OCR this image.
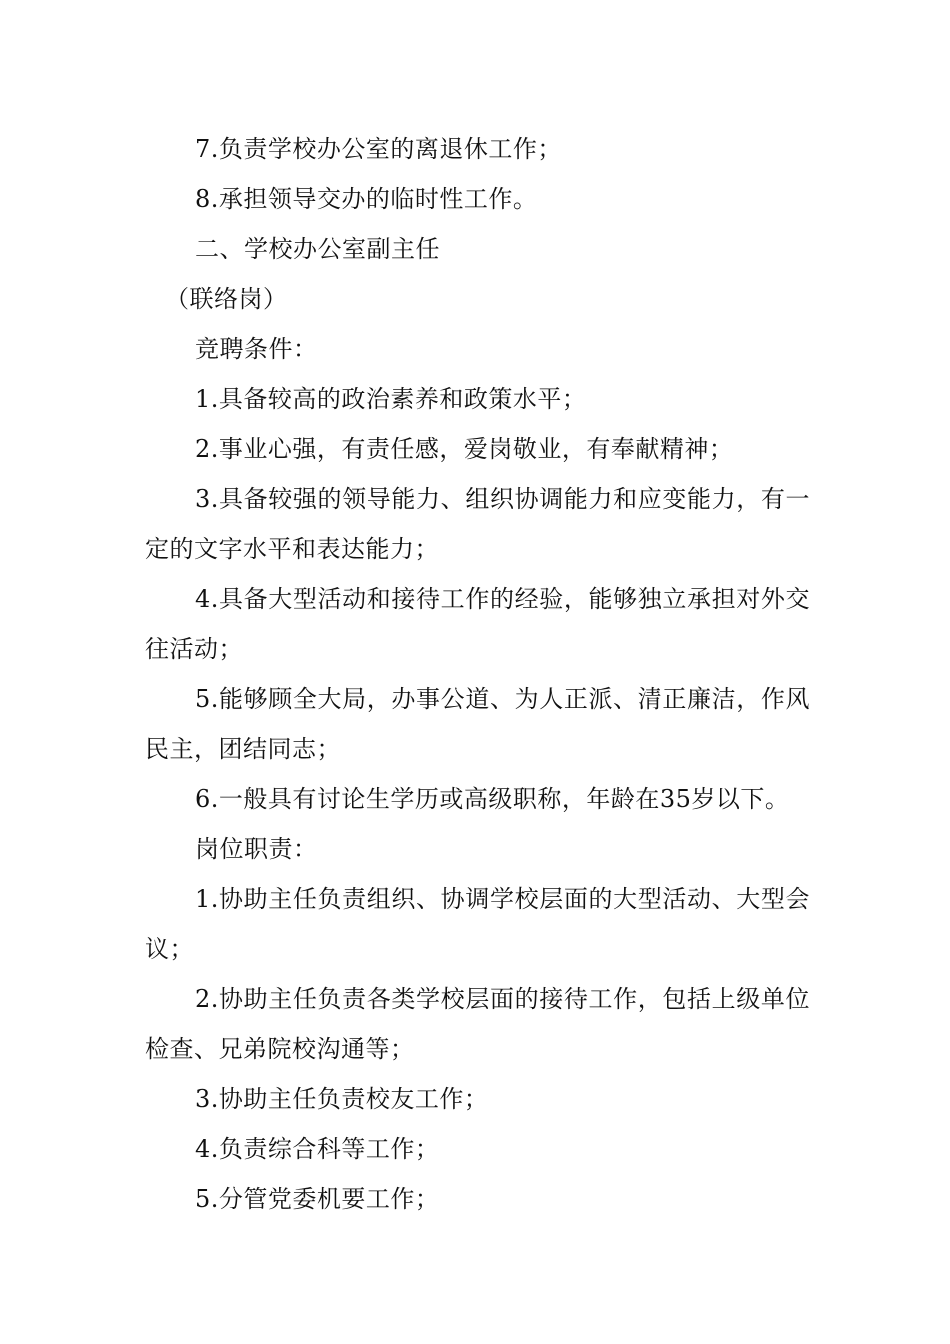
7.负责学校办公室的离退休工作；

8.承担领导交办的临时性工作。

二、学校办公室副主任

（联络岗）

竞聘条件：

1.具备较高的政治素养和政策水平；

2.事业心强，有责任感，爱岗敬业，有奉献精神；

3.具备较强的领导能力、组织协调能力和应变能力，有一定的文字水平和表达能力；

4.具备大型活动和接待工作的经验，能够独立承担对外交往活动；

5.能够顾全大局，办事公道、为人正派、清正廉洁，作风民主，团结同志；

6.一般具有讨论生学历或高级职称，年龄在35岁以下。

岗位职责：

1.协助主任负责组织、协调学校层面的大型活动、大型会议；

2.协助主任负责各类学校层面的接待工作，包括上级单位检查、兄弟院校沟通等；

3.协助主任负责校友工作；

4.负责综合科等工作；

5.分管党委机要工作；
